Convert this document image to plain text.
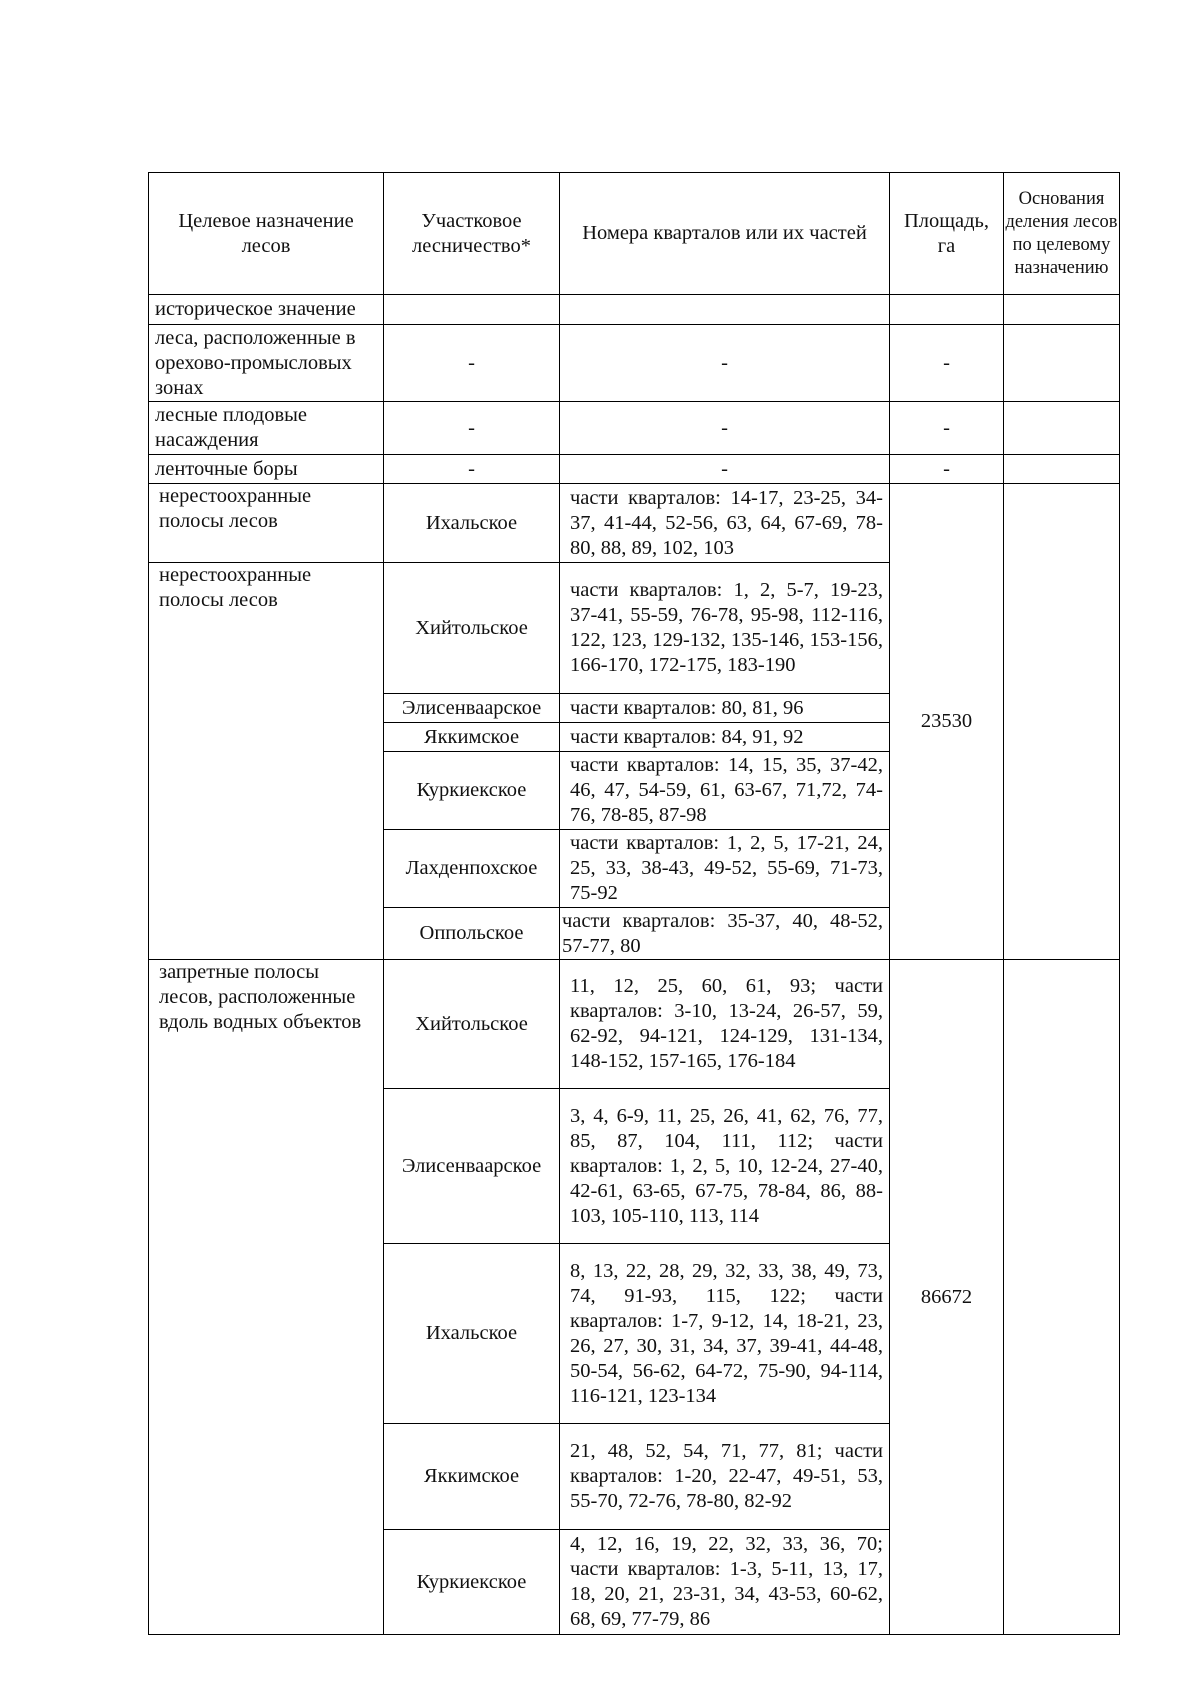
Целевое назначение лесов	Участковое лесничество*	Номера кварталов или их частей	Площадь, га	Основания деления лесов по целевому назначению
историческое значение				
леса, расположенные в орехово-промысловых зонах	-	-	-	
лесные плодовые насаждения	-	-	-	
ленточные боры	-	-	-	
нерестоохранные полосы лесов	Ихальское	части кварталов: 14-17, 23-25, 34-37, 41-44, 52-56, 63, 64, 67-69, 78-80, 88, 89, 102, 103	23530	
нерестоохранные полосы лесов	Хийтольское	части кварталов: 1, 2, 5-7, 19-23, 37-41, 55-59, 76-78, 95-98, 112-116, 122, 123, 129-132, 135-146, 153-156, 166-170, 172-175, 183-190		
	Элисенваарское	части кварталов: 80, 81, 96		
	Яккимское	части кварталов: 84, 91, 92		
	Куркиекское	части кварталов: 14, 15, 35, 37-42, 46, 47, 54-59, 61, 63-67, 71,72, 74-76, 78-85, 87-98		
	Лахденпохское	части кварталов: 1, 2, 5, 17-21, 24, 25, 33, 38-43, 49-52, 55-69, 71-73, 75-92		
	Оппольское	части кварталов: 35-37, 40, 48-52, 57-77, 80		
запретные полосы лесов, расположенные вдоль водных объектов	Хийтольское	11, 12, 25, 60, 61, 93; части кварталов: 3-10, 13-24, 26-57, 59, 62-92, 94-121, 124-129, 131-134, 148-152, 157-165, 176-184	86672	
	Элисенваарское	3, 4, 6-9, 11, 25, 26, 41, 62, 76, 77, 85, 87, 104, 111, 112; части кварталов: 1, 2, 5, 10, 12-24, 27-40, 42-61, 63-65, 67-75, 78-84, 86, 88-103, 105-110, 113, 114		
	Ихальское	8, 13, 22, 28, 29, 32, 33, 38, 49, 73, 74, 91-93, 115, 122; части кварталов: 1-7, 9-12, 14, 18-21, 23, 26, 27, 30, 31, 34, 37, 39-41, 44-48, 50-54, 56-62, 64-72, 75-90, 94-114, 116-121, 123-134		
	Яккимское	21, 48, 52, 54, 71, 77, 81; части кварталов: 1-20, 22-47, 49-51, 53, 55-70, 72-76, 78-80, 82-92		
	Куркиекское	4, 12, 16, 19, 22, 32, 33, 36, 70; части кварталов: 1-3, 5-11, 13, 17, 18, 20, 21, 23-31, 34, 43-53, 60-62, 68, 69, 77-79, 86		
